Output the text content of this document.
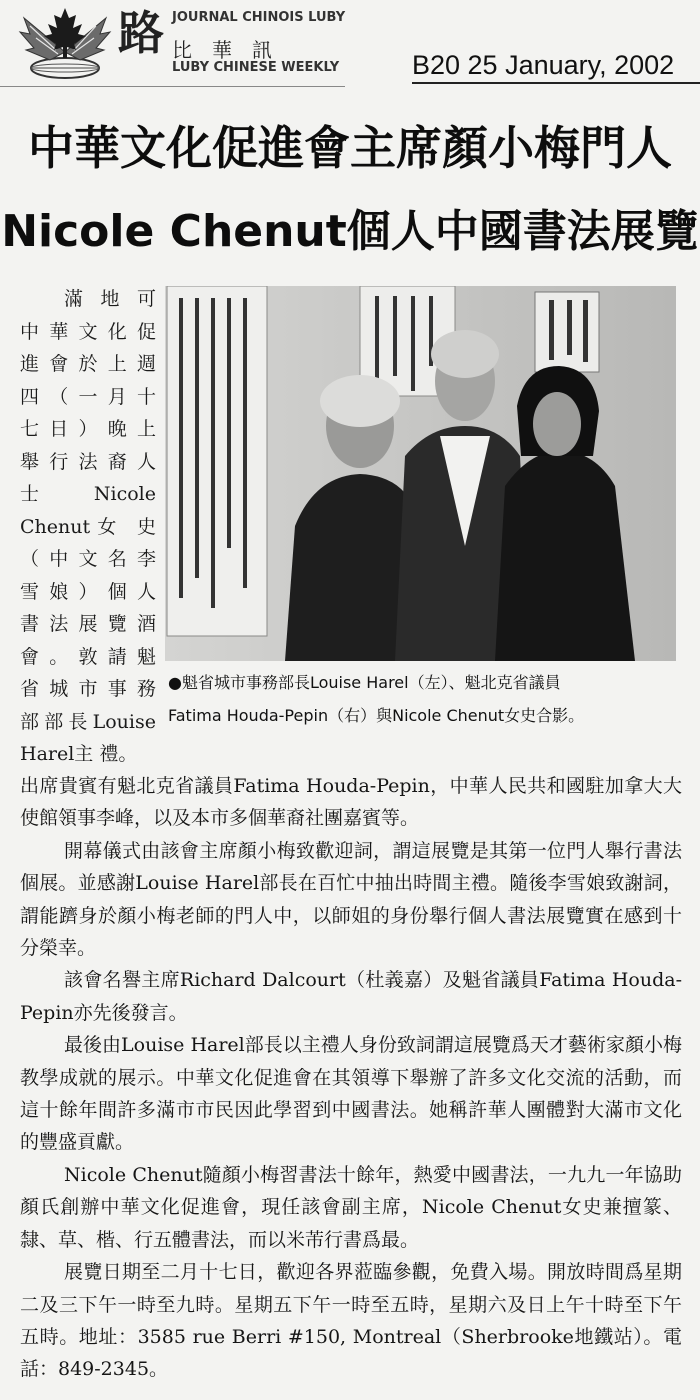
路 JOURNAL CHINOIS LUBY
比華訊
LUBY CHINESE WEEKLY	B20 25 January, 2002
中華文化促進會主席顏小梅門人
Nicole Chenut個人中國書法展覽
滿地可
中華文化促
進會於上週
四（一月十
七日）晚上
舉行法裔人
士 Nicole
Chenut女 史
（中文名李
雪娘）個人
書法展覽酒
會。敦請魁
省城市事務
部部長Louise
Harel主 禮。
●魁省城市事務部長Louise Harel（左）、魁北克省議員
Fatima Houda-Pepin（右）與Nicole Chenut女史合影。

出席貴賓有魁北克省議員Fatima Houda-Pepin，中華人民共和國駐加拿大大使館領事李峰，以及本市多個華裔社團嘉賓等。

開幕儀式由該會主席顏小梅致歡迎詞，謂這展覽是其第一位門人舉行書法個展。並感謝Louise Harel部長在百忙中抽出時間主禮。隨後李雪娘致謝詞，謂能躋身於顏小梅老師的門人中，以師姐的身份舉行個人書法展覽實在感到十分榮幸。

該會名譽主席Richard Dalcourt（杜義嘉）及魁省議員Fatima Houda-Pepin亦先後發言。

最後由Louise Harel部長以主禮人身份致詞謂這展覽爲天才藝術家顏小梅教學成就的展示。中華文化促進會在其領導下舉辦了許多文化交流的活動，而這十餘年間許多滿市市民因此學習到中國書法。她稱許華人團體對大滿市文化的豐盛貢獻。

Nicole Chenut隨顏小梅習書法十餘年，熱愛中國書法，一九九一年協助顏氏創辦中華文化促進會，現任該會副主席，Nicole Chenut女史兼擅篆、隸、草、楷、行五體書法，而以米芾行書爲最。

展覽日期至二月十七日，歡迎各界蒞臨參觀，免費入場。開放時間爲星期二及三下午一時至九時。星期五下午一時至五時，星期六及日上午十時至下午五時。地址：3585 rue Berri #150, Montreal（Sherbrooke地鐵站）。電話：849-2345。
